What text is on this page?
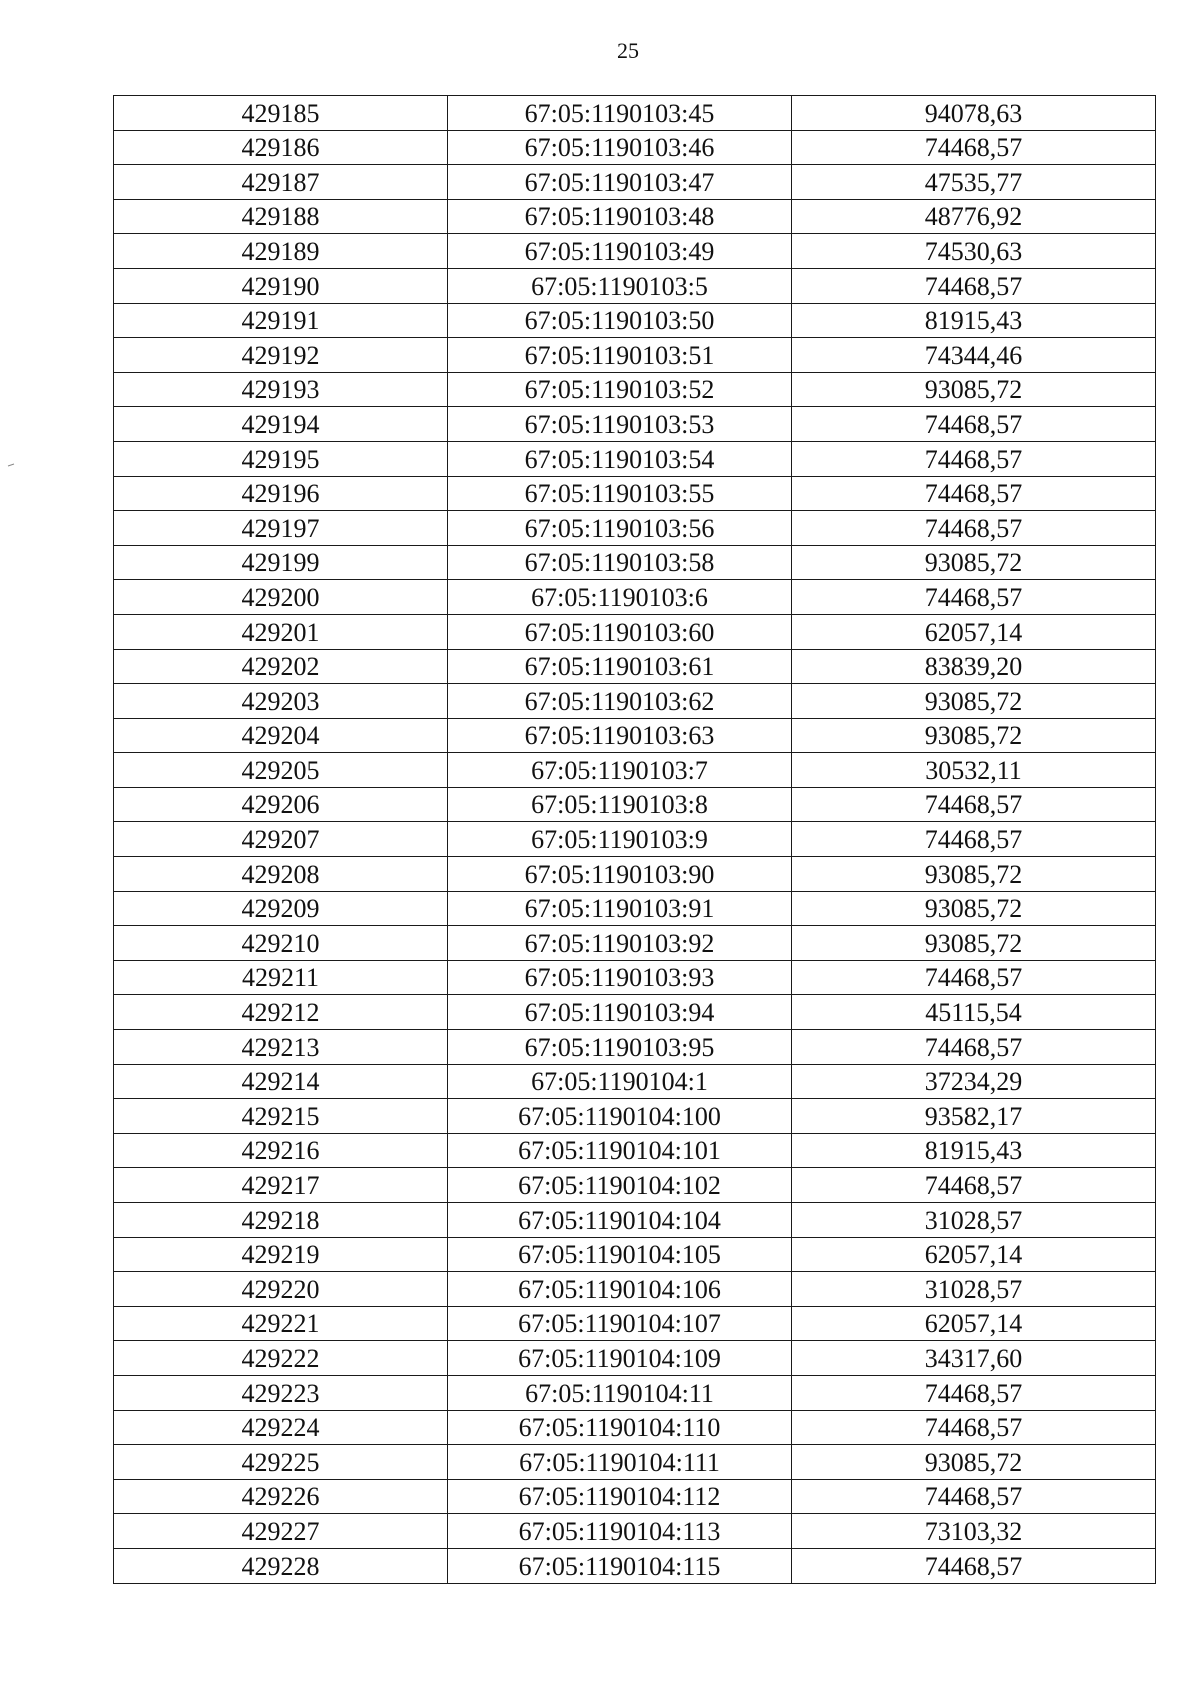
25
429185	67:05:1190103:45	94078,63
429186	67:05:1190103:46	74468,57
429187	67:05:1190103:47	47535,77
429188	67:05:1190103:48	48776,92
429189	67:05:1190103:49	74530,63
429190	67:05:1190103:5	74468,57
429191	67:05:1190103:50	81915,43
429192	67:05:1190103:51	74344,46
429193	67:05:1190103:52	93085,72
429194	67:05:1190103:53	74468,57
429195	67:05:1190103:54	74468,57
429196	67:05:1190103:55	74468,57
429197	67:05:1190103:56	74468,57
429199	67:05:1190103:58	93085,72
429200	67:05:1190103:6	74468,57
429201	67:05:1190103:60	62057,14
429202	67:05:1190103:61	83839,20
429203	67:05:1190103:62	93085,72
429204	67:05:1190103:63	93085,72
429205	67:05:1190103:7	30532,11
429206	67:05:1190103:8	74468,57
429207	67:05:1190103:9	74468,57
429208	67:05:1190103:90	93085,72
429209	67:05:1190103:91	93085,72
429210	67:05:1190103:92	93085,72
429211	67:05:1190103:93	74468,57
429212	67:05:1190103:94	45115,54
429213	67:05:1190103:95	74468,57
429214	67:05:1190104:1	37234,29
429215	67:05:1190104:100	93582,17
429216	67:05:1190104:101	81915,43
429217	67:05:1190104:102	74468,57
429218	67:05:1190104:104	31028,57
429219	67:05:1190104:105	62057,14
429220	67:05:1190104:106	31028,57
429221	67:05:1190104:107	62057,14
429222	67:05:1190104:109	34317,60
429223	67:05:1190104:11	74468,57
429224	67:05:1190104:110	74468,57
429225	67:05:1190104:111	93085,72
429226	67:05:1190104:112	74468,57
429227	67:05:1190104:113	73103,32
429228	67:05:1190104:115	74468,57
